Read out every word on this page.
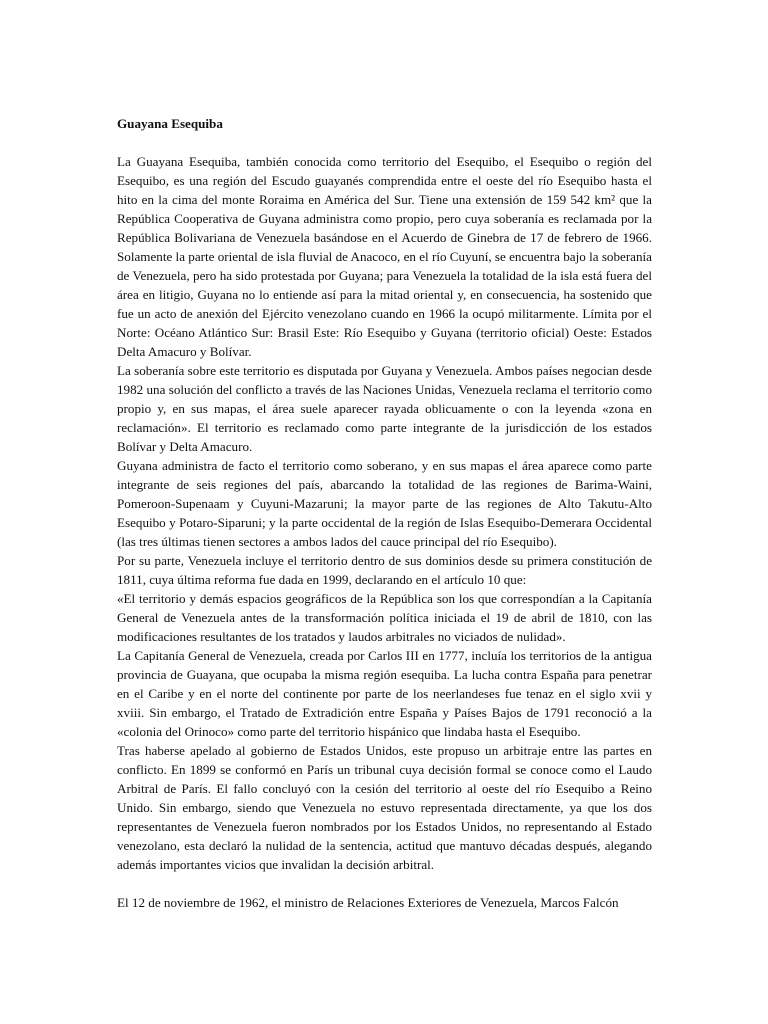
Guayana Esequiba

La Guayana Esequiba, también conocida como territorio del Esequibo, el Esequibo o región del Esequibo, es una región del Escudo guayanés comprendida entre el oeste del río Esequibo hasta el hito en la cima del monte Roraima en América del Sur. Tiene una extensión de 159 542 km² que la República Cooperativa de Guyana administra como propio, pero cuya soberanía es reclamada por la República Bolivariana de Venezuela basándose en el Acuerdo de Ginebra de 17 de febrero de 1966. Solamente la parte oriental de isla fluvial de Anacoco, en el río Cuyuní, se encuentra bajo la soberanía de Venezuela, pero ha sido protestada por Guyana; para Venezuela la totalidad de la isla está fuera del área en litigio, Guyana no lo entiende así para la mitad oriental y, en consecuencia, ha sostenido que fue un acto de anexión del Ejército venezolano cuando en 1966 la ocupó militarmente. Límita por el Norte: Océano Atlántico Sur: Brasil Este: Río Esequibo y Guyana (territorio oficial) Oeste: Estados Delta Amacuro y Bolívar.

La soberanía sobre este territorio es disputada por Guyana y Venezuela. Ambos países negocian desde 1982 una solución del conflicto a través de las Naciones Unidas, Venezuela reclama el territorio como propio y, en sus mapas, el área suele aparecer rayada oblicuamente o con la leyenda «zona en reclamación». El territorio es reclamado como parte integrante de la jurisdicción de los estados Bolívar y Delta Amacuro.

Guyana administra de facto el territorio como soberano, y en sus mapas el área aparece como parte integrante de seis regiones del país, abarcando la totalidad de las regiones de Barima-Waini, Pomeroon-Supenaam y Cuyuni-Mazaruni; la mayor parte de las regiones de Alto Takutu-Alto Esequibo y Potaro-Siparuni; y la parte occidental de la región de Islas Esequibo-Demerara Occidental (las tres últimas tienen sectores a ambos lados del cauce principal del río Esequibo).

Por su parte, Venezuela incluye el territorio dentro de sus dominios desde su primera constitución de 1811, cuya última reforma fue dada en 1999, declarando en el artículo 10 que:

«El territorio y demás espacios geográficos de la República son los que correspondían a la Capitanía General de Venezuela antes de la transformación política iniciada el 19 de abril de 1810, con las modificaciones resultantes de los tratados y laudos arbitrales no viciados de nulidad».

La Capitanía General de Venezuela, creada por Carlos III en 1777, incluía los territorios de la antigua provincia de Guayana, que ocupaba la misma región esequiba. La lucha contra España para penetrar en el Caribe y en el norte del continente por parte de los neerlandeses fue tenaz en el siglo xvii y xviii. Sin embargo, el Tratado de Extradición entre España y Países Bajos de 1791 reconoció a la «colonia del Orinoco» como parte del territorio hispánico que lindaba hasta el Esequibo.

Tras haberse apelado al gobierno de Estados Unidos, este propuso un arbitraje entre las partes en conflicto. En 1899 se conformó en París un tribunal cuya decisión formal se conoce como el Laudo Arbitral de París. El fallo concluyó con la cesión del territorio al oeste del río Esequibo a Reino Unido. Sin embargo, siendo que Venezuela no estuvo representada directamente, ya que los dos representantes de Venezuela fueron nombrados por los Estados Unidos, no representando al Estado venezolano, esta declaró la nulidad de la sentencia, actitud que mantuvo décadas después, alegando además importantes vicios que invalidan la decisión arbitral.

El 12 de noviembre de 1962, el ministro de Relaciones Exteriores de Venezuela, Marcos Falcón
